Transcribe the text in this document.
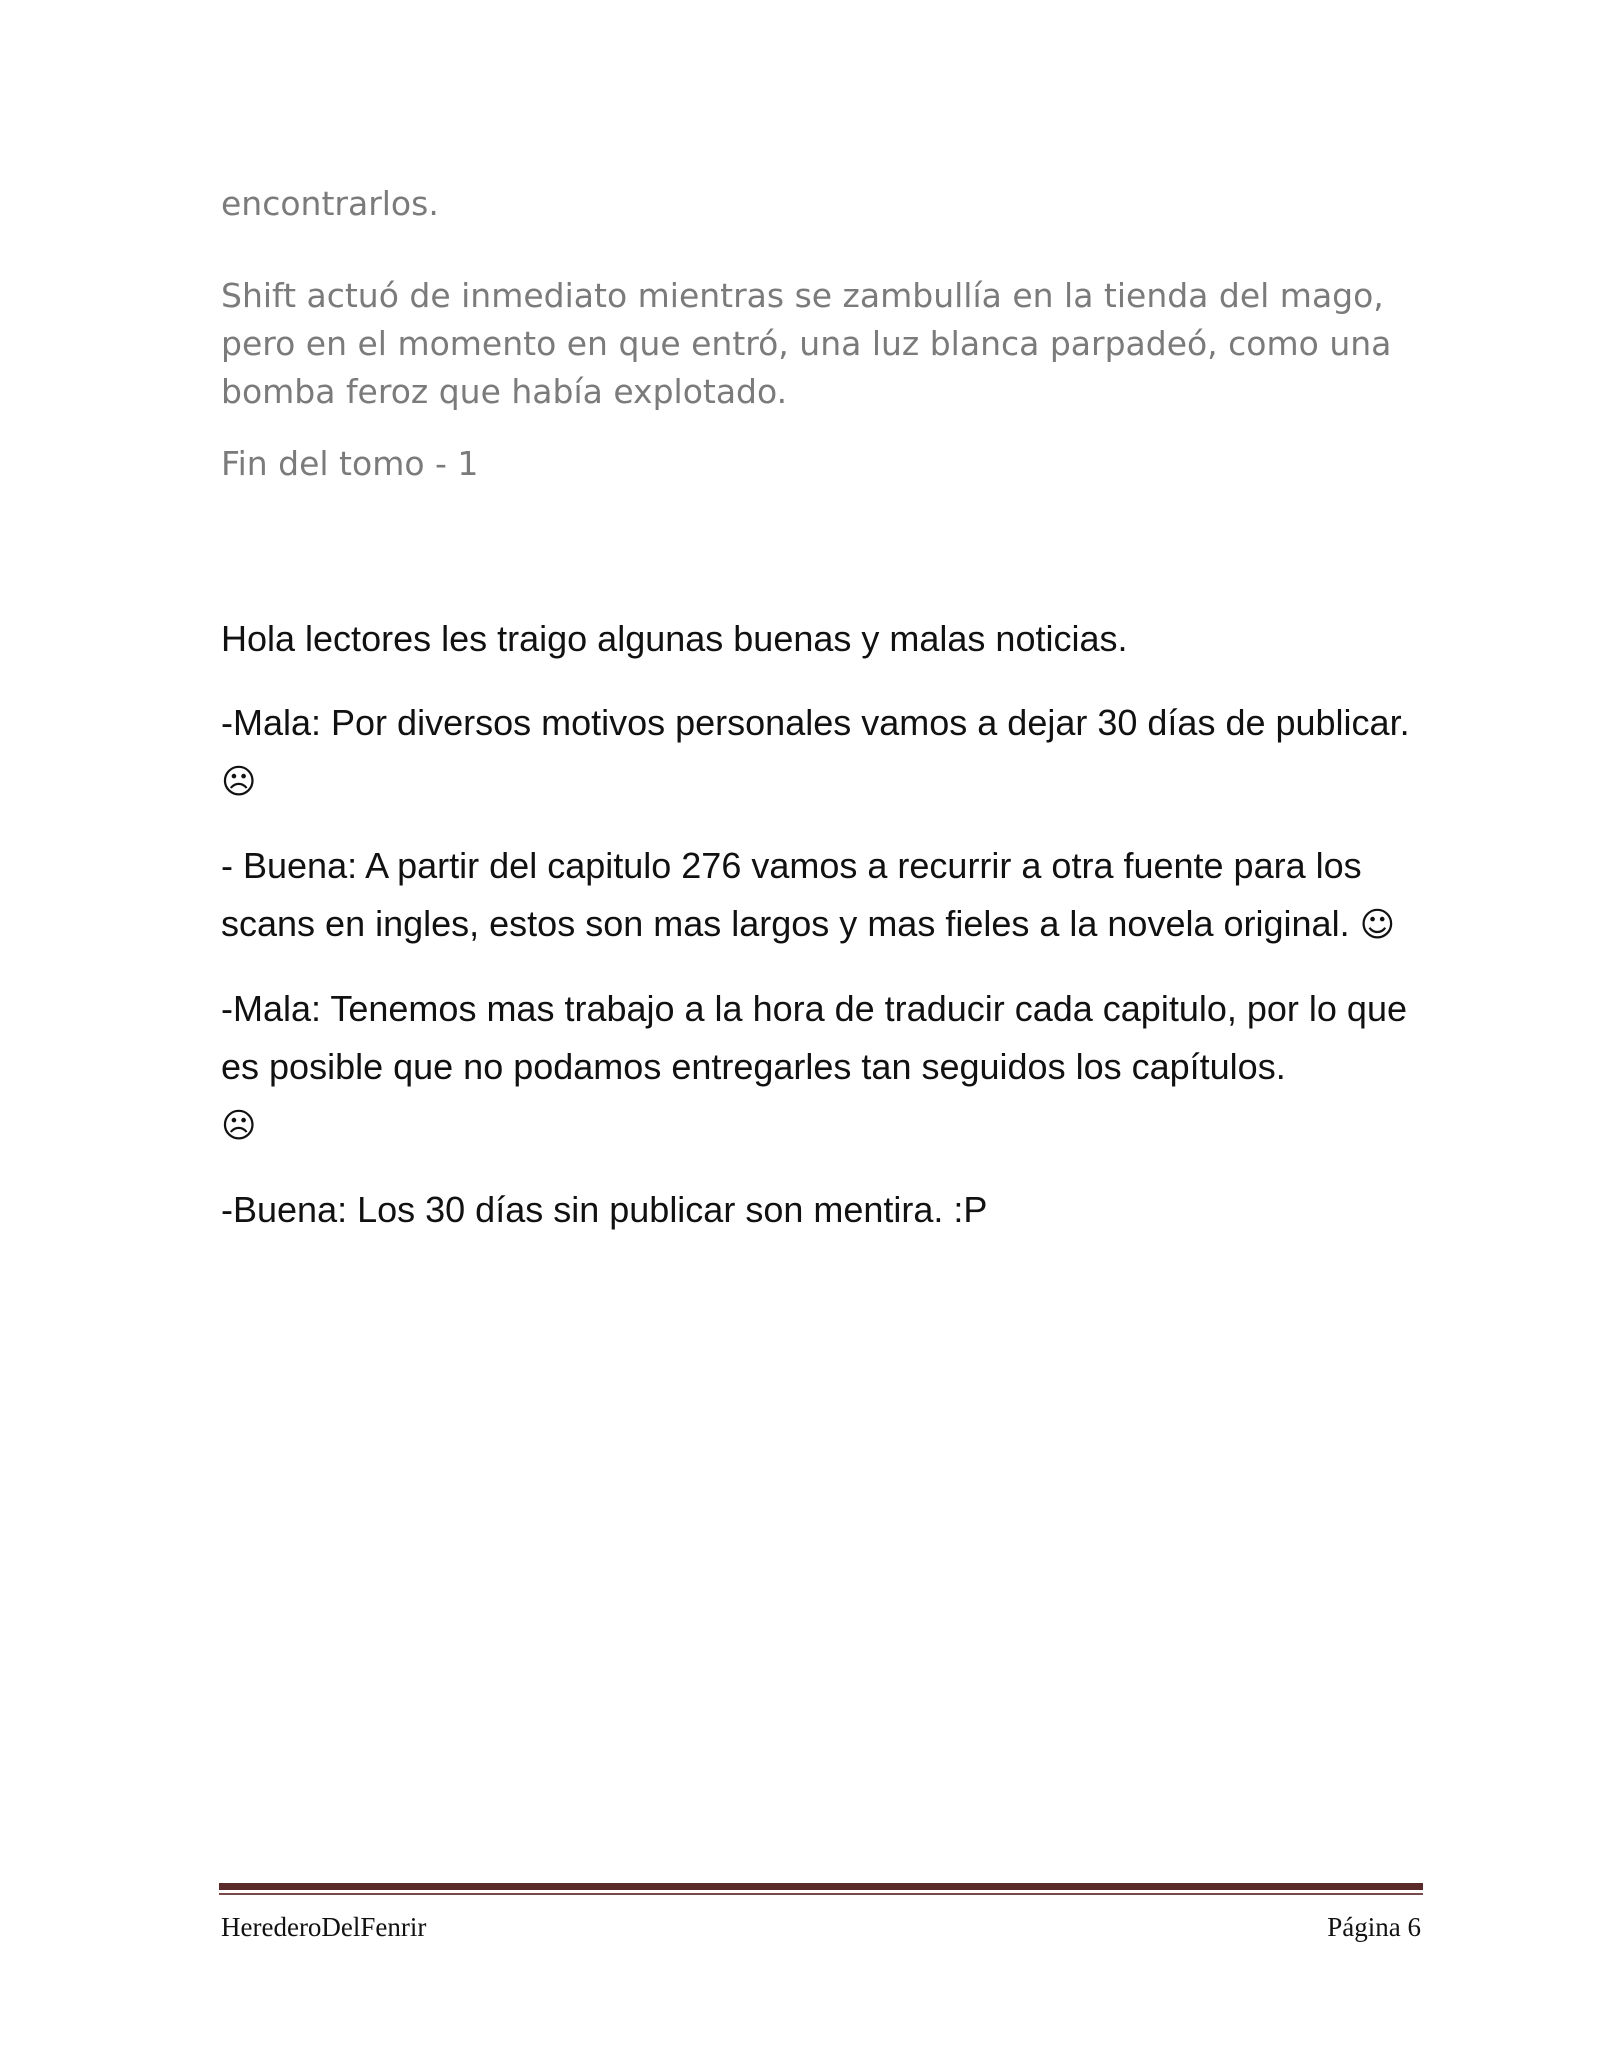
encontrarlos.

Shift actuó de inmediato mientras se zambullía en la tienda del mago, pero en el momento en que entró, una luz blanca parpadeó, como una bomba feroz que había explotado.

Fin del tomo - 1

Hola lectores les traigo algunas buenas y malas noticias.

-Mala: Por diversos motivos personales vamos a dejar 30 días de publicar. ☹

- Buena: A partir del capitulo 276 vamos a recurrir a otra fuente para los scans en ingles, estos son mas largos y mas fieles a la novela original. ☺

-Mala: Tenemos mas trabajo a la hora de traducir cada capitulo, por lo que es posible que no podamos entregarles tan seguidos los capítulos.
☹

-Buena: Los 30 días sin publicar son mentira. :P

HerederoDelFenrir	Página 6
